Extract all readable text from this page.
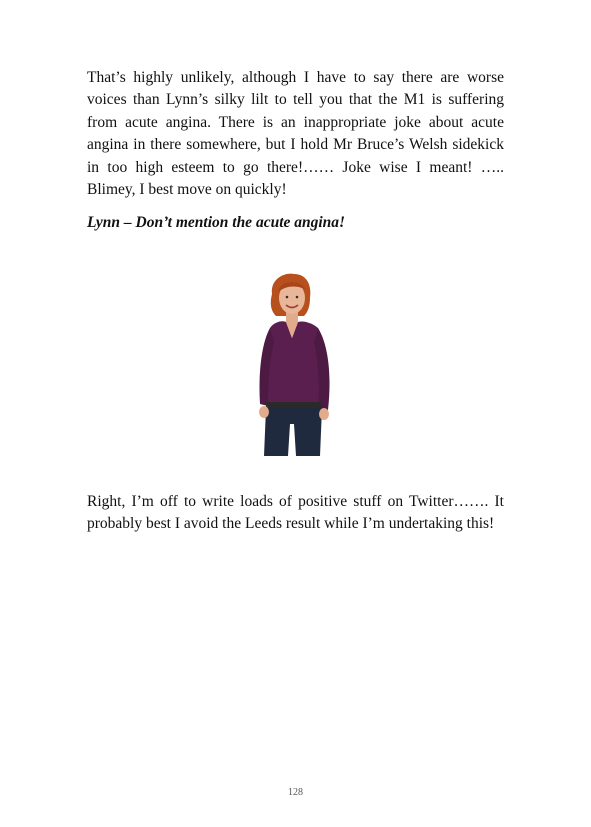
That’s highly unlikely, although I have to say there are worse voices than Lynn’s silky lilt to tell you that the M1 is suffering from acute angina. There is an inappropriate joke about acute angina in there somewhere, but I hold Mr Bruce’s Welsh sidekick in too high esteem to go there!…… Joke wise I meant! ….. Blimey, I best move on quickly!

Lynn – Don’t mention the acute angina!

Right, I’m off to write loads of positive stuff on Twitter……. It probably best I avoid the Leeds result while I’m undertaking this!

128
